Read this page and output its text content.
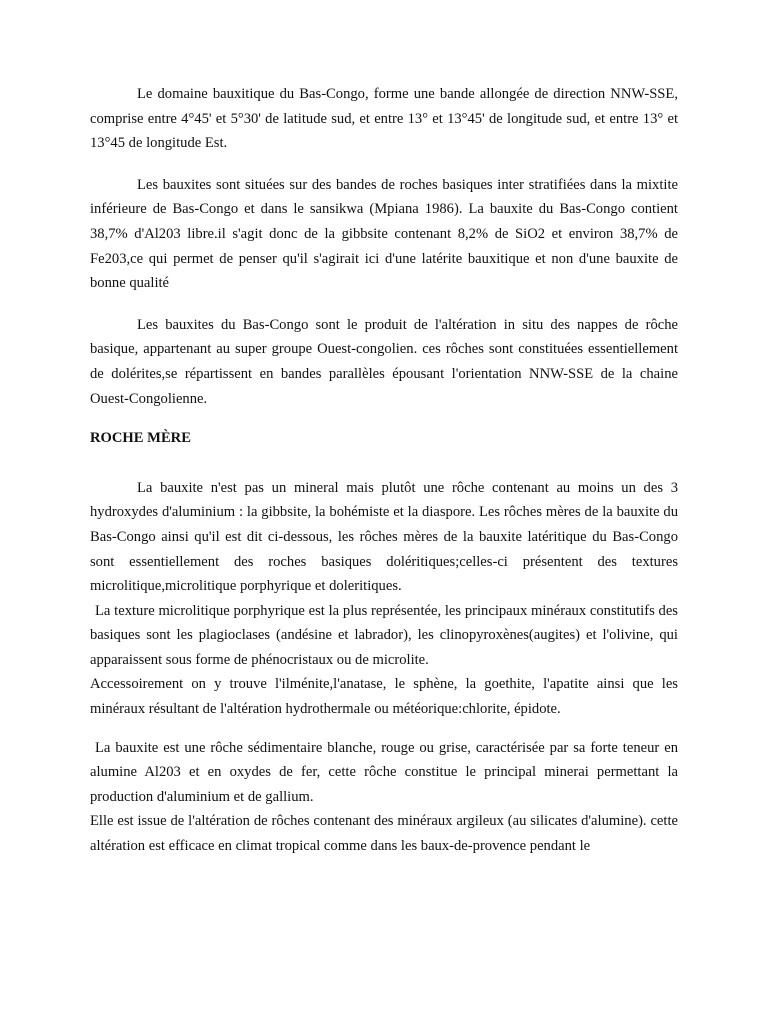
Le domaine bauxitique du Bas-Congo, forme une bande allongée de direction NNW-SSE, comprise entre 4°45' et 5°30' de latitude sud, et entre 13° et 13°45' de longitude sud, et entre 13° et 13°45 de longitude Est.

Les bauxites sont situées sur des bandes de roches basiques inter stratifiées dans la mixtite inférieure de Bas-Congo et dans le sansikwa (Mpiana 1986). La bauxite du Bas-Congo contient 38,7% d'Al203 libre.il s'agit donc de la gibbsite contenant 8,2% de SiO2 et environ 38,7% de Fe203,ce qui permet de penser qu'il s'agirait ici d'une latérite bauxitique et non d'une bauxite de bonne qualité

Les bauxites du Bas-Congo sont le produit de l'altération in situ des nappes de rôche basique, appartenant au super groupe Ouest-congolien. ces rôches sont constituées essentiellement de dolérites,se répartissent en bandes parallèles épousant l'orientation NNW-SSE de la chaine Ouest-Congolienne.

ROCHE MÈRE

La bauxite n'est pas un mineral mais plutôt une rôche contenant au moins un des 3 hydroxydes d'aluminium : la gibbsite, la bohémiste et la diaspore. Les rôches mères de la bauxite du Bas-Congo ainsi qu'il est dit ci-dessous, les rôches mères de la bauxite latéritique du Bas-Congo sont essentiellement des roches basiques doléritiques;celles-ci présentent des textures microlitique,microlitique porphyrique et doleritiques.

La texture microlitique porphyrique est la plus représentée, les principaux minéraux constitutifs des basiques sont les plagioclases (andésine et labrador), les clinopyroxènes(augites) et l'olivine, qui apparaissent sous forme de phénocristaux ou de microlite.

Accessoirement on y trouve l'ilménite,l'anatase, le sphène, la goethite, l'apatite ainsi que les minéraux résultant de l'altération hydrothermale ou météorique:chlorite, épidote.

La bauxite est une rôche sédimentaire blanche, rouge ou grise, caractérisée par sa forte teneur en alumine Al203 et en oxydes de fer, cette rôche constitue le principal minerai permettant la production d'aluminium et de gallium.

Elle est issue de l'altération de rôches contenant des minéraux argileux (au silicates d'alumine). cette altération est efficace en climat tropical comme dans les baux-de-provence pendant le
